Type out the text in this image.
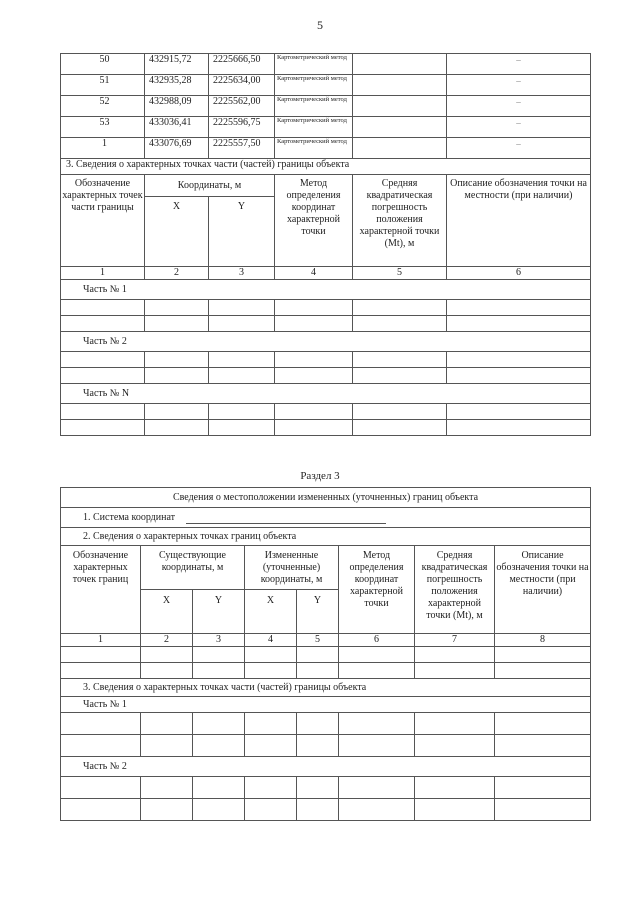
5
50	432915,72	2225666,50	Картометрический метод		–
51	432935,28	2225634,00	Картометрический метод		–
52	432988,09	2225562,00	Картометрический метод		–
53	433036,41	2225596,75	Картометрический метод		–
1	433076,69	2225557,50	Картометрический метод		–
3. Сведения о характерных точках части (частей) границы объекта					
Обозначение характерных точек части границы	Координаты, м		Метод определения координат характерной точки	Средняя квадратическая погрешность положения характерной точки (Mt), м	Описание обозначения точки на местности (при наличии)
	X	Y			
1	2	3	4	5	6
Часть № 1					

Часть № 2					

Часть № N					

Раздел 3
Сведения о местоположении измененных (уточненных) границ объекта							
1. Система координат							
2. Сведения о характерных точках границ объекта							
Обозначение характерных точек границ	Существующие координаты, м		Измененные (уточненные) координаты, м		Метод определения координат характерной точки	Средняя квадратическая погрешность положения характерной точки (Mt), м	Описание обозначения точки на местности (при наличии)
	X	Y	X	Y			
1	2	3	4	5	6	7	8

3. Сведения о характерных точках части (частей) границы объекта							
Часть № 1							

Часть № 2							
